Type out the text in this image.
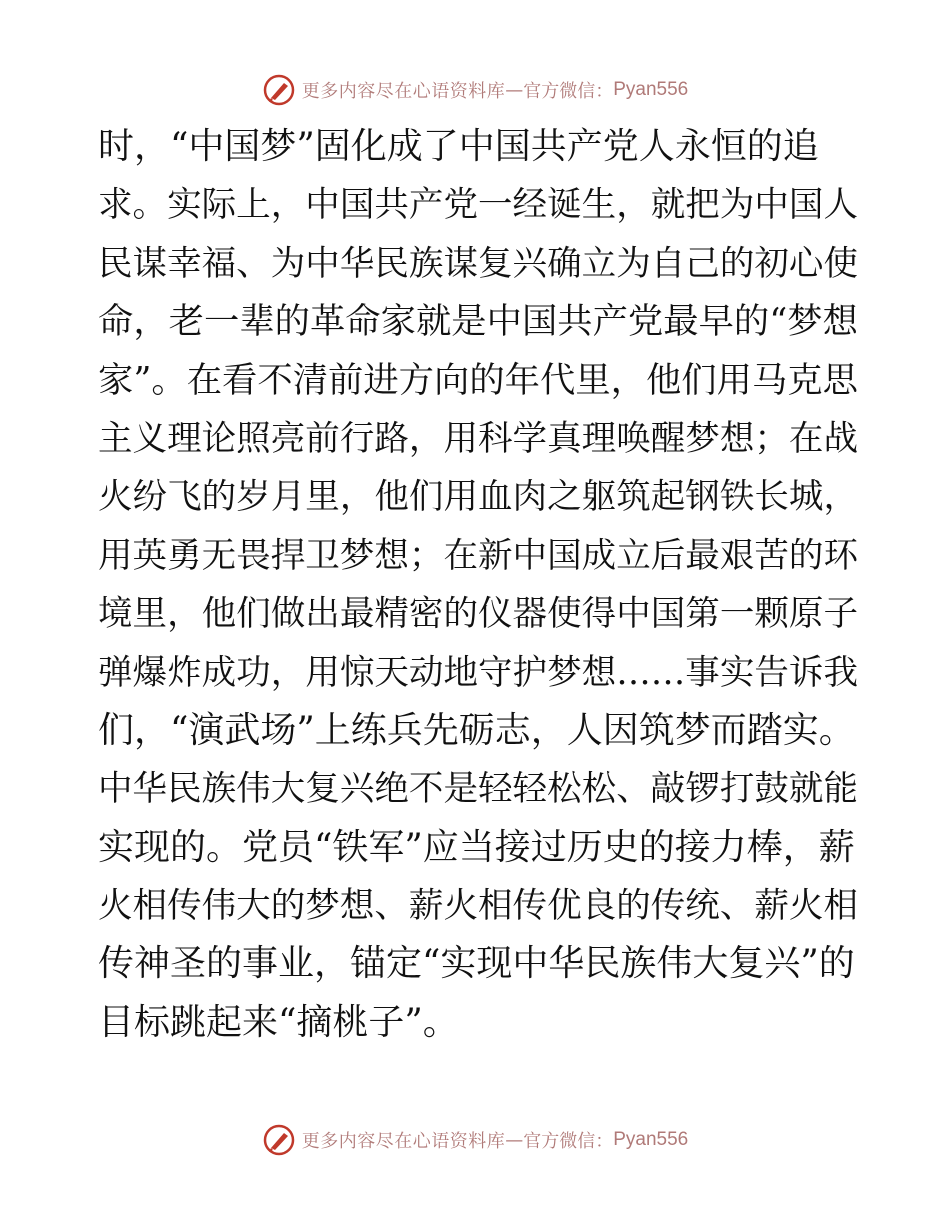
更多内容尽在心语资料库 — 官方微信： Pyan556
时，“中国梦”固化成了中国共产党人永恒的追
求。实际上，中国共产党一经诞生，就把为中国人
民谋幸福、为中华民族谋复兴确立为自己的初心使
命，老一辈的革命家就是中国共产党最早的“梦想
家”。在看不清前进方向的年代里，他们用马克思
主义理论照亮前行路，用科学真理唤醒梦想；在战
火纷飞的岁月里，他们用血肉之躯筑起钢铁长城，
用英勇无畏捍卫梦想；在新中国成立后最艰苦的环
境里，他们做出最精密的仪器使得中国第一颗原子
弹爆炸成功，用惊天动地守护梦想……事实告诉我
们，“演武场”上练兵先砺志，人因筑梦而踏实。
中华民族伟大复兴绝不是轻轻松松、敲锣打鼓就能
实现的。党员“铁军”应当接过历史的接力棒，薪
火相传伟大的梦想、薪火相传优良的传统、薪火相
传神圣的事业，锚定“实现中华民族伟大复兴”的
目标跳起来“摘桃子”。
更多内容尽在心语资料库 — 官方微信： Pyan556
